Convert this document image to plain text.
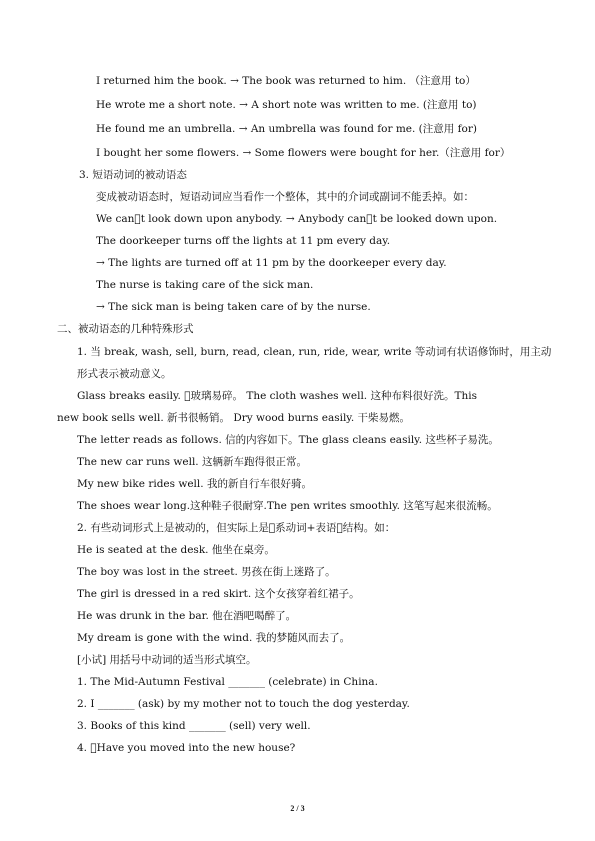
I returned him the book. → The book was returned to him. （注意用 to）
He wrote me a short note. → A short note was written to me. (注意用 to)
He found me an umbrella. → An umbrella was found for me. (注意用 for)
I bought her some flowers. → Some flowers were bought for her.（注意用 for）
3. 短语动词的被动语态
变成被动语态时，短语动词应当看作一个整体，其中的介词或副词不能丢掉。如：
We can t look down upon anybody. → Anybody can t be looked down upon.
The doorkeeper turns off the lights at 11 pm every day.
→ The lights are turned off at 11 pm by the doorkeeper every day.
The nurse is taking care of the sick man.
→ The sick man is being taken care of by the nurse.
二、被动语态的几种特殊形式
1. 当 break, wash, sell, burn, read, clean, run, ride, wear, write 等动词有状语修饰时，用主动
形式表示被动意义。
Glass breaks easily.  玻璃易碎。 The cloth washes well. 这种布料很好洗。This
new book sells well. 新书很畅销。 Dry wood burns easily. 干柴易燃。
The letter reads as follows. 信的内容如下。The glass cleans easily. 这些杯子易洗。
The new car runs well. 这辆新车跑得很正常。
My new bike rides well. 我的新自行车很好骑。
The shoes wear long.这种鞋子很耐穿.The pen writes smoothly. 这笔写起来很流畅。
2. 有些动词形式上是被动的，但实际上是 系动词+表语 结构。如：
He is seated at the desk. 他坐在桌旁。
The boy was lost in the street. 男孩在街上迷路了。
The girl is dressed in a red skirt. 这个女孩穿着红裙子。
He was drunk in the bar. 他在酒吧喝醉了。
My dream is gone with the wind. 我的梦随风而去了。
[小试] 用括号中动词的适当形式填空。
1. The Mid-Autumn Festival _______ (celebrate) in China.
2. I _______ (ask) by my mother not to touch the dog yesterday.
3. Books of this kind _______ (sell) very well.
4.  Have you moved into the new house?
2 / 3
